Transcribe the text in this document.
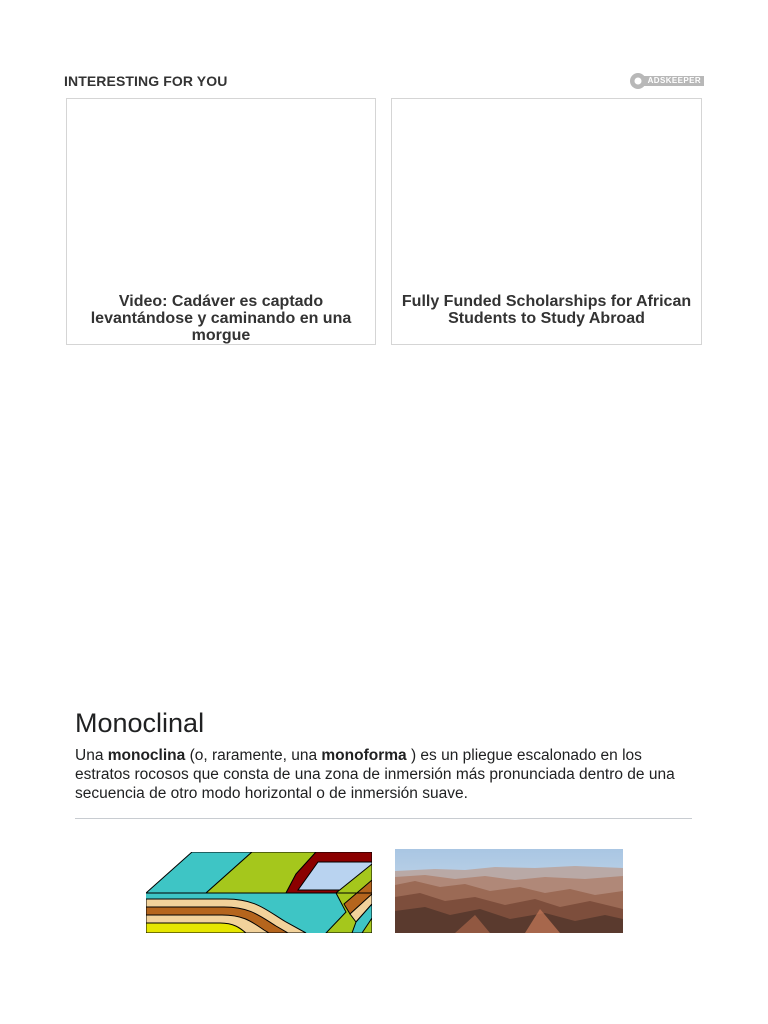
INTERESTING FOR YOU	ADSKEEPER
Video: Cadáver es captado levantándose y caminando en una morgue
Fully Funded Scholarships for African Students to Study Abroad
Monoclinal

Una monoclina (o, raramente, una monoforma ) es un pliegue escalonado en los estratos rocosos que consta de una zona de inmersión más pronunciada dentro de una secuencia de otro modo horizontal o de inmersión suave.
